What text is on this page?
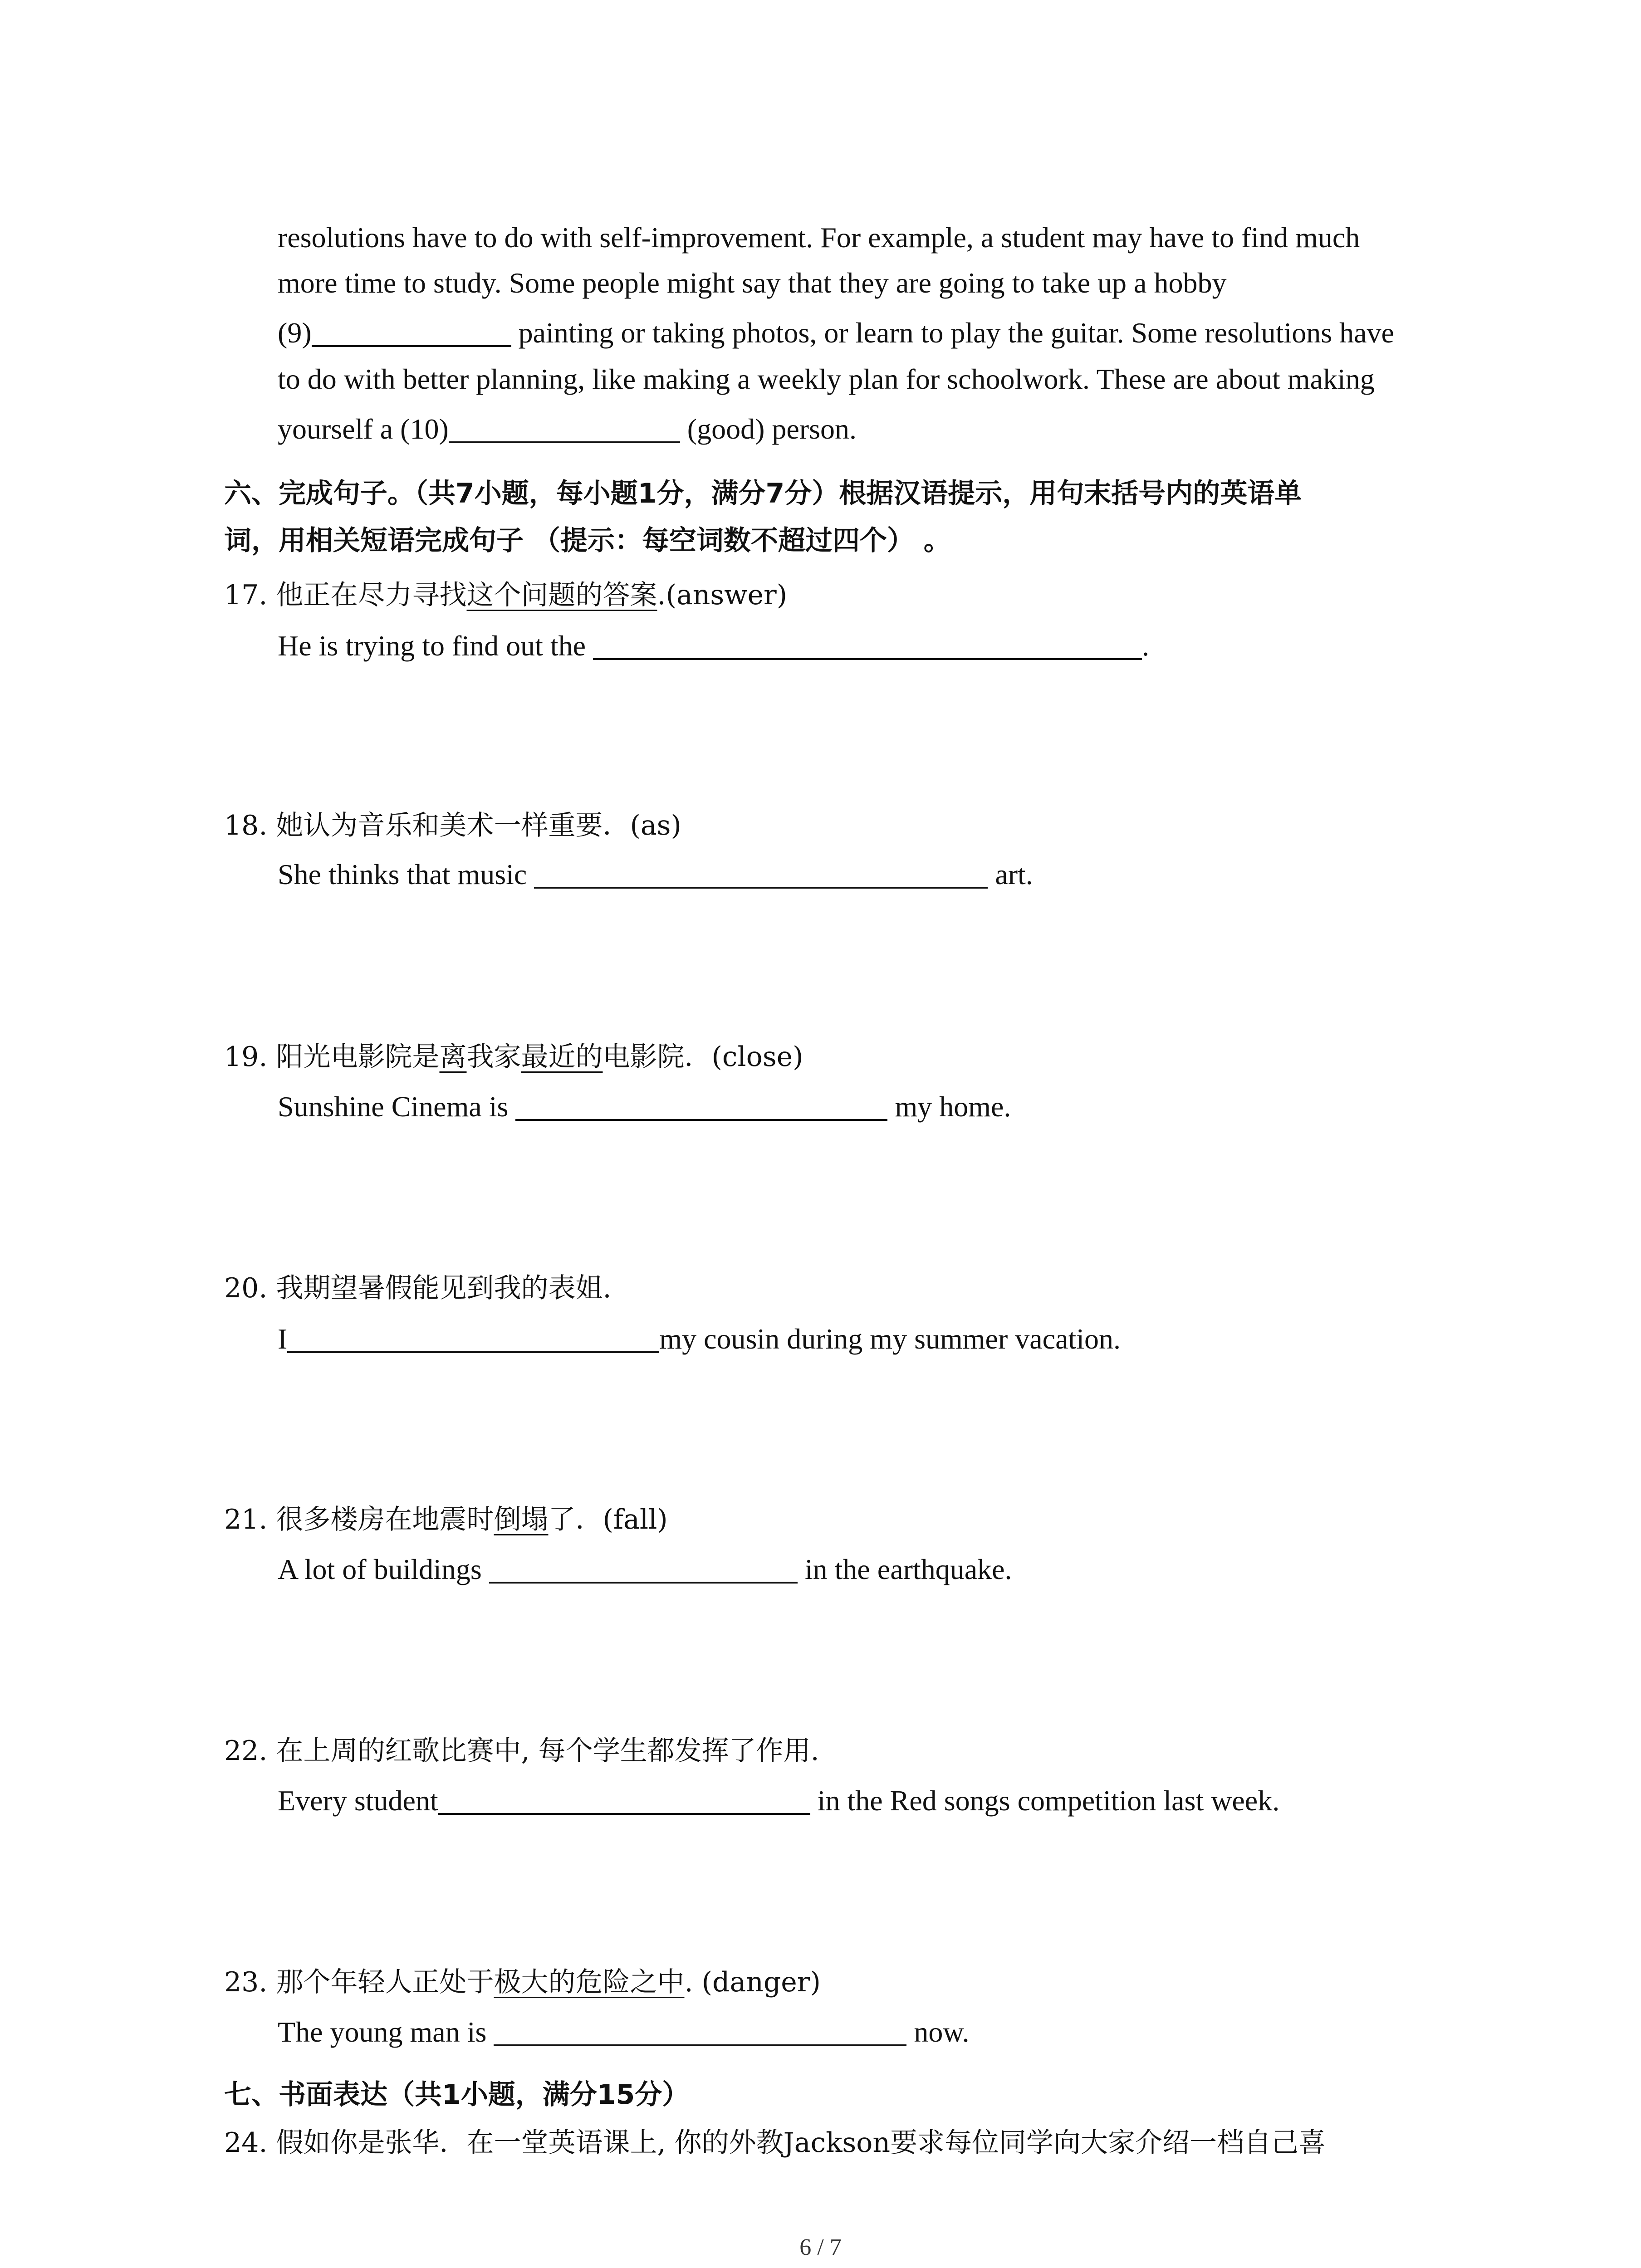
resolutions have to do with self-improvement. For example, a student may have to find much
more time to study. Some people might say that they are going to take up a hobby
(9)	painting or taking photos, or learn to play the guitar. Some resolutions have
to do with better planning, like making a weekly plan for schoolwork. These are about making
yourself a (10)	(good) person.
六、完成句子。（共7小题，每小题1分，满分7分）根据汉语提示，用句末括号内的英语单
词，用相关短语完成句子 （提示：每空词数不超过四个） 。
17. 他正在尽力寻找这个问题的答案.(answer)
He is trying to find out the	.
18. 她认为音乐和美术一样重要．(as)
She thinks that music	art.
19. 阳光电影院是离我家最近的电影院．(close)
Sunshine Cinema is	my home.
20. 我期望暑假能见到我的表姐.
I	my cousin during my summer vacation.
21. 很多楼房在地震时倒塌了．(fall)
A lot of buildings	in the earthquake.
22. 在上周的红歌比赛中, 每个学生都发挥了作用.
Every student	in the Red songs competition last week.
23. 那个年轻人正处于极大的危险之中. (danger)
The young man is	now.
七、书面表达（共1小题，满分15分）
24. 假如你是张华．在一堂英语课上, 你的外教Jackson要求每位同学向大家介绍一档自己喜
6 / 7
